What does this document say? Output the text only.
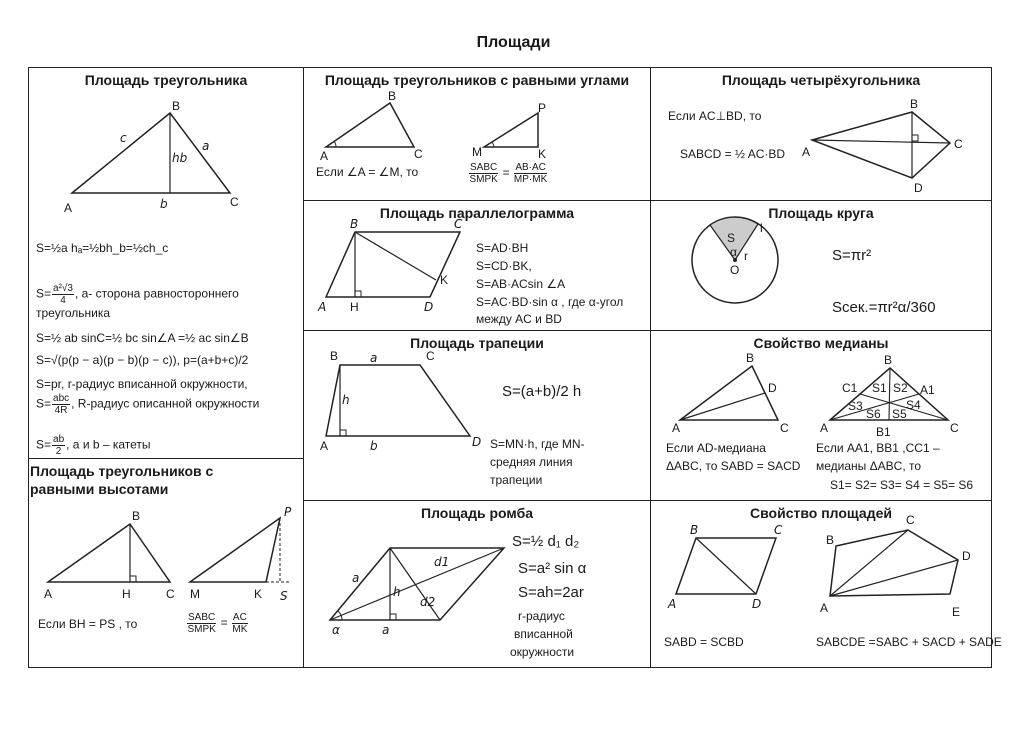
Площади
Площадь треугольника
A
B
C
c
a
hb
b
S=½a hₐ=½bh_b=½ch_c
$S= \frac{\text{a²√3}}{4}$ , a- сторона равностороннего
треугольника
S=½ ab sinC=½ bc sin∠A =½ ac sin∠B
S=√(p(p − a)(p − b)(p − c)), p=(a+b+c)/2
S=pr, r-радиус вписанной окружности,
$S= \frac{\text{abc}}{4R}$ , R-радиус описанной окружности
$S= \frac{ab}{2}$ , a и b – катеты
Площадь треугольников с
равными высотами
A
B
H	C M	K S
P
Если BH = PS , то	$\frac{\text{SABC}}{\text{SMPK}} = \frac{AC}{MK}$
Площадь треугольников с равными углами
A
B
C	M
P
K
Если ∠A = ∠M, то	$\frac{\text{SABC}}{\text{SMPK}} = \frac{AB\cdot AC}{MP\cdot MK}$
Площадь четырёхугольника
Если AC⊥BD, то
SABCD = ½ AC·BD A
B
C
D
Площадь параллелограмма
A
B	C
D
H
K
S=AD·BH
S=CD·BK,
S=AB·ACsin ∠A
S=AC·BD·sin α , где α-угол
между AC и BD
Площадь круга
S
l
α r
O
S=πr²
Sсек.=πr²α/360
Площадь трапеции
B	C
A	D
a
b
h	S=(a+b)/2 h
S=MN·h, где MN-
средняя линия
трапеции
Свойство медианы
A
B
C
D
A
B
C
C1	A1
B1
S1 S2
S3	S4
S5
S6
Если AD-медиана
ΔABC, то SABD = SACD
Если AA1, BB1 ,CC1 –
медианы ΔABC, то
S1= S2= S3= S4 = S5= S6
Площадь ромба
a
d1
d2
h
α	a
S=½ d₁ d₂
S=a² sin α
S=ah=2ar
r-радиус
вписанной
окружности
Свойство площадей
A
B	C
D	A
B
C
D
E
SABD = SCBD	SABCDE =SABC + SACD + SADE
